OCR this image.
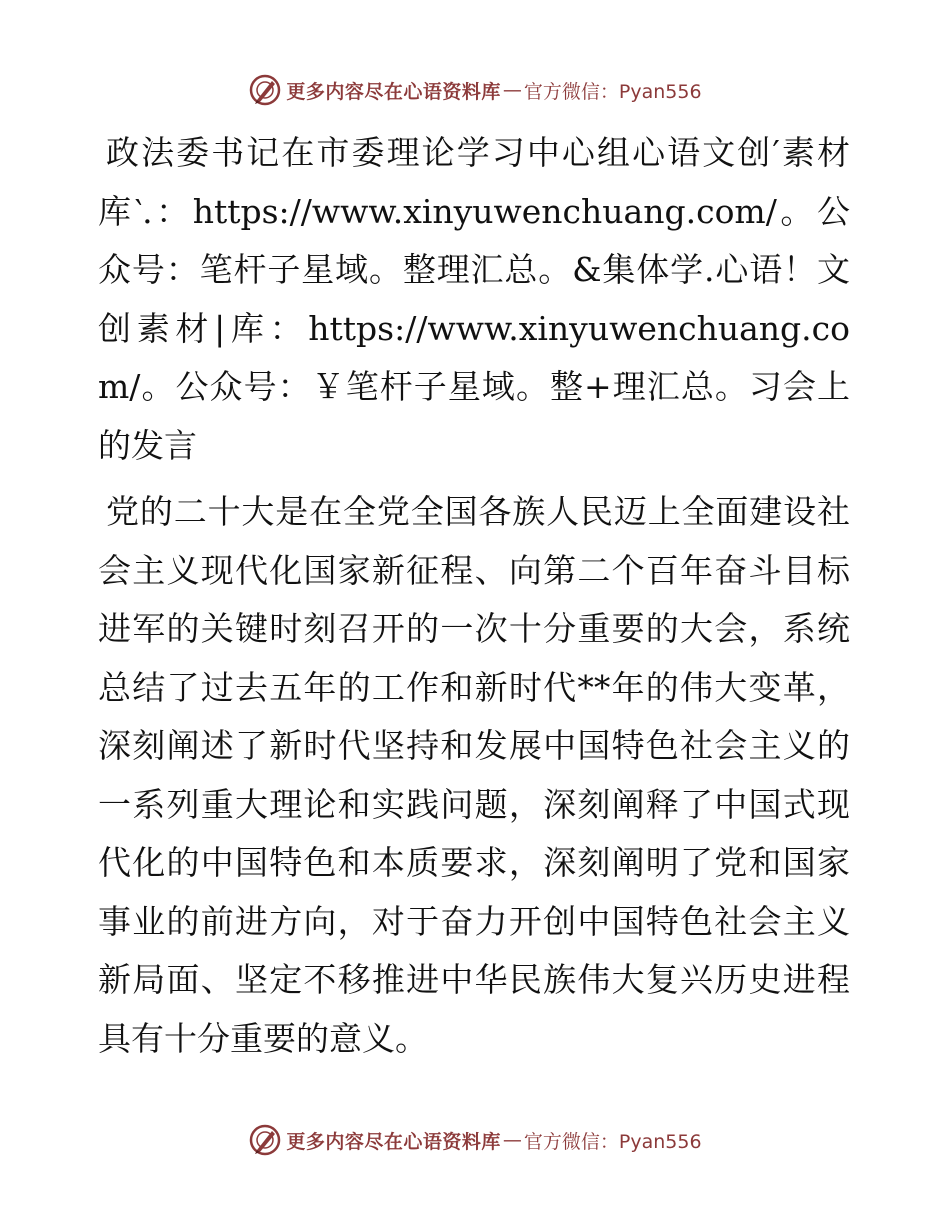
更多内容尽在心语资料库 — 官方微信：Pyan556

政法委书记在市委理论学习中心组心语文创′素材库‵.：https://www.xinyuwenchuang.com/。公众号：笔杆子星域。整理汇总。&集体学.心语！文创素材|库：https://www.xinyuwenchuang.com/。公众号：￥笔杆子星域。整+理汇总。习会上的发言

党的二十大是在全党全国各族人民迈上全面建设社会主义现代化国家新征程、向第二个百年奋斗目标进军的关键时刻召开的一次十分重要的大会，系统总结了过去五年的工作和新时代**年的伟大变革，深刻阐述了新时代坚持和发展中国特色社会主义的一系列重大理论和实践问题，深刻阐释了中国式现代化的中国特色和本质要求，深刻阐明了党和国家事业的前进方向，对于奋力开创中国特色社会主义新局面、坚定不移推进中华民族伟大复兴历史进程具有十分重要的意义。

更多内容尽在心语资料库 — 官方微信：Pyan556
